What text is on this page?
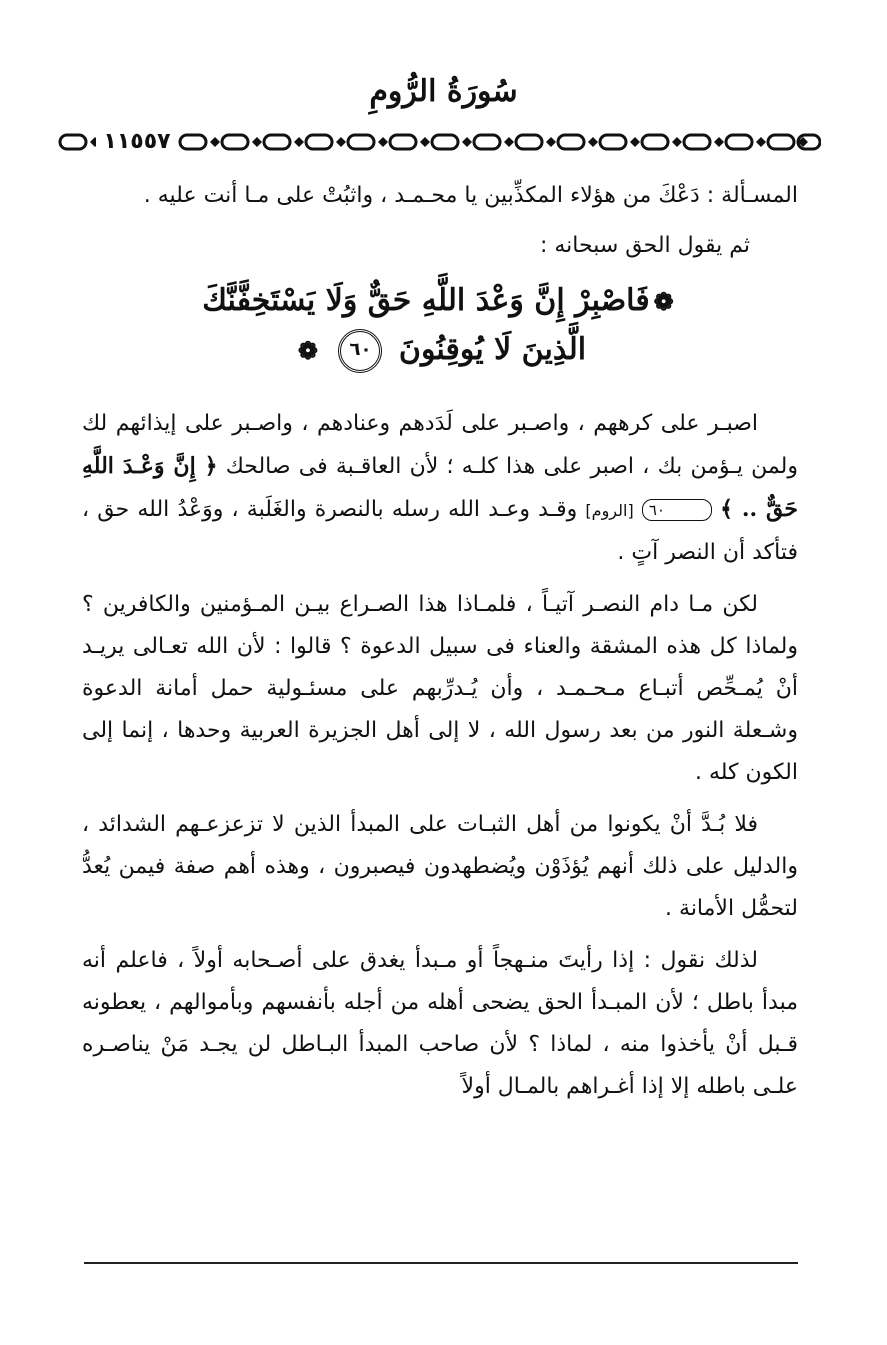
سُورَةُ الرُّومِ
١١٥٥٧

المسـألة : دَعْكَ من هؤلاء المكذِّبين يا محـمـد ، واثبُتْ على مـا أنت عليه .

ثم يقول الحق سبحانه :

❁فَاصْبِرْ إِنَّ وَعْدَ اللَّهِ حَقٌّ وَلَا يَسْتَخِفَّنَّكَ
الَّذِينَ لَا يُوقِنُونَ ٦٠ ❁

اصبـر على كرههم ، واصـبر على لَدَدهم وعنادهم ، واصـبر على إيذائهم لك ولمن يـؤمن بك ، اصبر على هذا كلـه ؛ لأن العاقـبة فى صالحك ﴿ إِنَّ وَعْـدَ اللَّهِ حَقٌّ .. ﴾ ٦٠ [الروم] وقـد وعـد الله رسله بالنصرة والغَلَبة ، ووَعْدُ الله حق ، فتأكد أن النصر آتٍ .

لكن مـا دام النصـر آتيـاً ، فلمـاذا هذا الصـراع بيـن المـؤمنين والكافرين ؟ ولماذا كل هذه المشقة والعناء فى سبيل الدعوة ؟ قالوا : لأن الله تعـالى يريـد أنْ يُمـحِّص أتبـاع مـحـمـد ، وأن يُـدرِّبهم على مسئـولية حمل أمانة الدعوة وشـعلة النور من بعد رسول الله ، لا إلى أهل الجزيرة العربية وحدها ، إنما إلى الكون كله .

فلا بُـدَّ أنْ يكونوا من أهل الثبـات على المبدأ الذين لا تزعزعـهم الشدائد ، والدليل على ذلك أنهم يُؤذَوْن ويُضطهدون فيصبرون ، وهذه أهم صفة فيمن يُعدُّ لتحمُّل الأمانة .

لذلك نقول : إذا رأيتَ منـهجاً أو مـبدأ يغدق على أصـحابه أولاً ، فاعلم أنه مبدأ باطل ؛ لأن المبـدأ الحق يضحى أهله من أجله بأنفسهم وبأموالهم ، يعطونه قـبل أنْ يأخذوا منه ، لماذا ؟ لأن صاحب المبدأ البـاطل لن يجـد مَنْ يناصـره علـى باطله إلا إذا أغـراهم بالمـال أولاً
